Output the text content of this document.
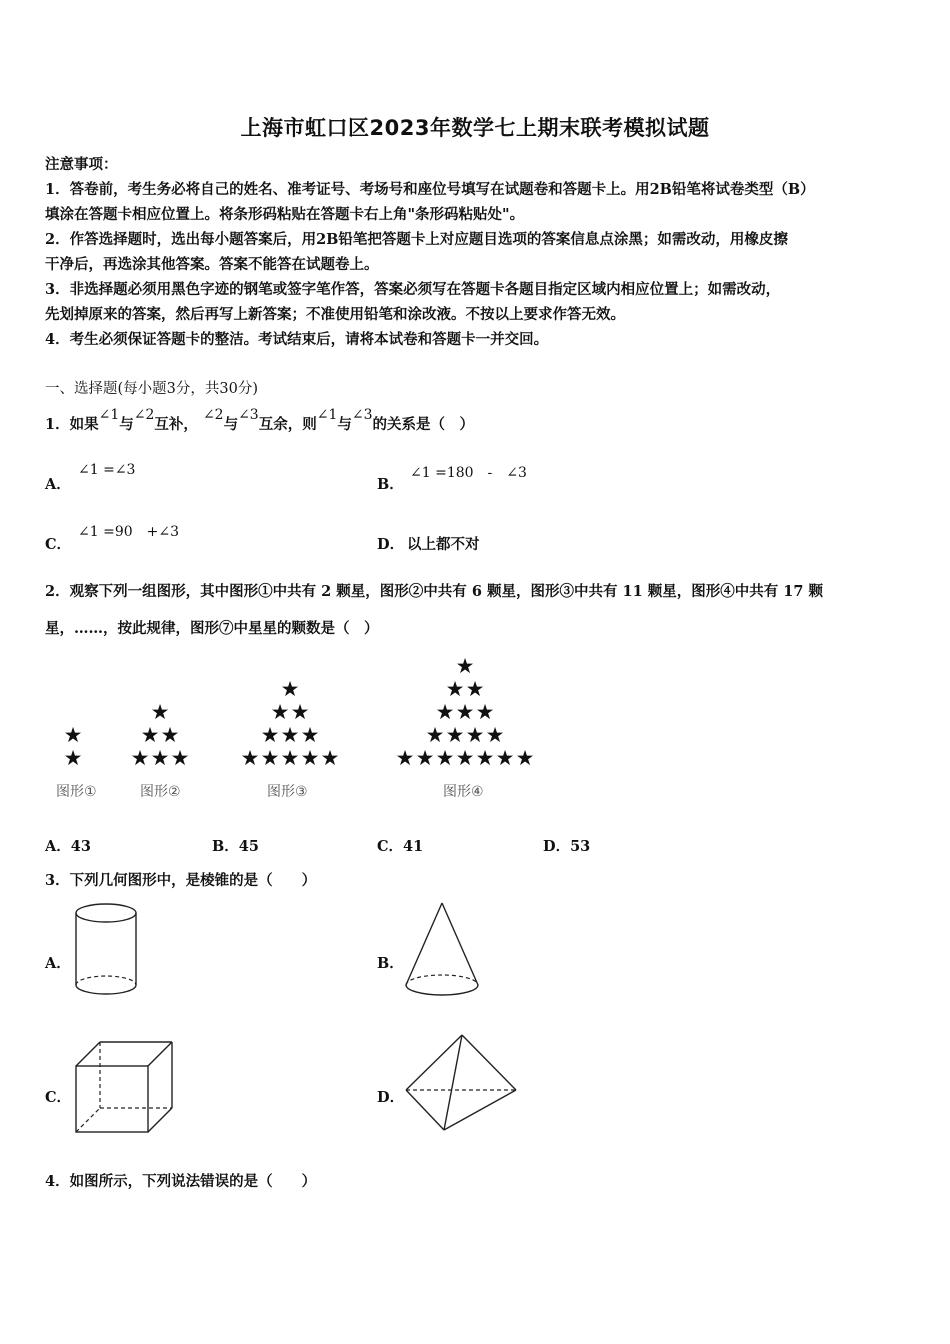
上海市虹口区2023年数学七上期末联考模拟试题
注意事项：
1．答卷前，考生务必将自己的姓名、准考证号、考场号和座位号填写在试题卷和答题卡上。用2B铅笔将试卷类型（B）
填涂在答题卡相应位置上。将条形码粘贴在答题卡右上角"条形码粘贴处"。
2．作答选择题时，选出每小题答案后，用2B铅笔把答题卡上对应题目选项的答案信息点涂黑；如需改动，用橡皮擦
干净后，再选涂其他答案。答案不能答在试题卷上。
3．非选择题必须用黑色字迹的钢笔或签字笔作答，答案必须写在答题卡各题目指定区域内相应位置上；如需改动，
先划掉原来的答案，然后再写上新答案；不准使用铅笔和涂改液。不按以上要求作答无效。
4．考生必须保证答题卡的整洁。考试结束后，请将本试卷和答题卡一并交回。
一、选择题(每小题3分，共30分)
1．如果∠1与∠2互补， ∠2与∠3互余，则∠1与∠3的关系是（　）
A．
∠1 =∠3
B．
∠1 =180　-　∠3
C．
∠1 =90　+∠3
D． 以上都不对
2．观察下列一组图形，其中图形①中共有 2 颗星，图形②中共有 6 颗星，图形③中共有 11 颗星，图形④中共有 17 颗
星，……，按此规律，图形⑦中星星的颗数是（　）
★
★
★
★ ★
★ ★ ★
★
★ ★
★ ★ ★
★ ★ ★ ★ ★
★
★ ★
★ ★ ★
★ ★ ★ ★
★ ★ ★ ★ ★ ★ ★
图形①	图形②	图形③	图形④
A．43	B．45	C．41	D．53
3．下列几何图形中，是棱锥的是（　　）
A．	B．
C．	D．
4．如图所示，下列说法错误的是（　　）
